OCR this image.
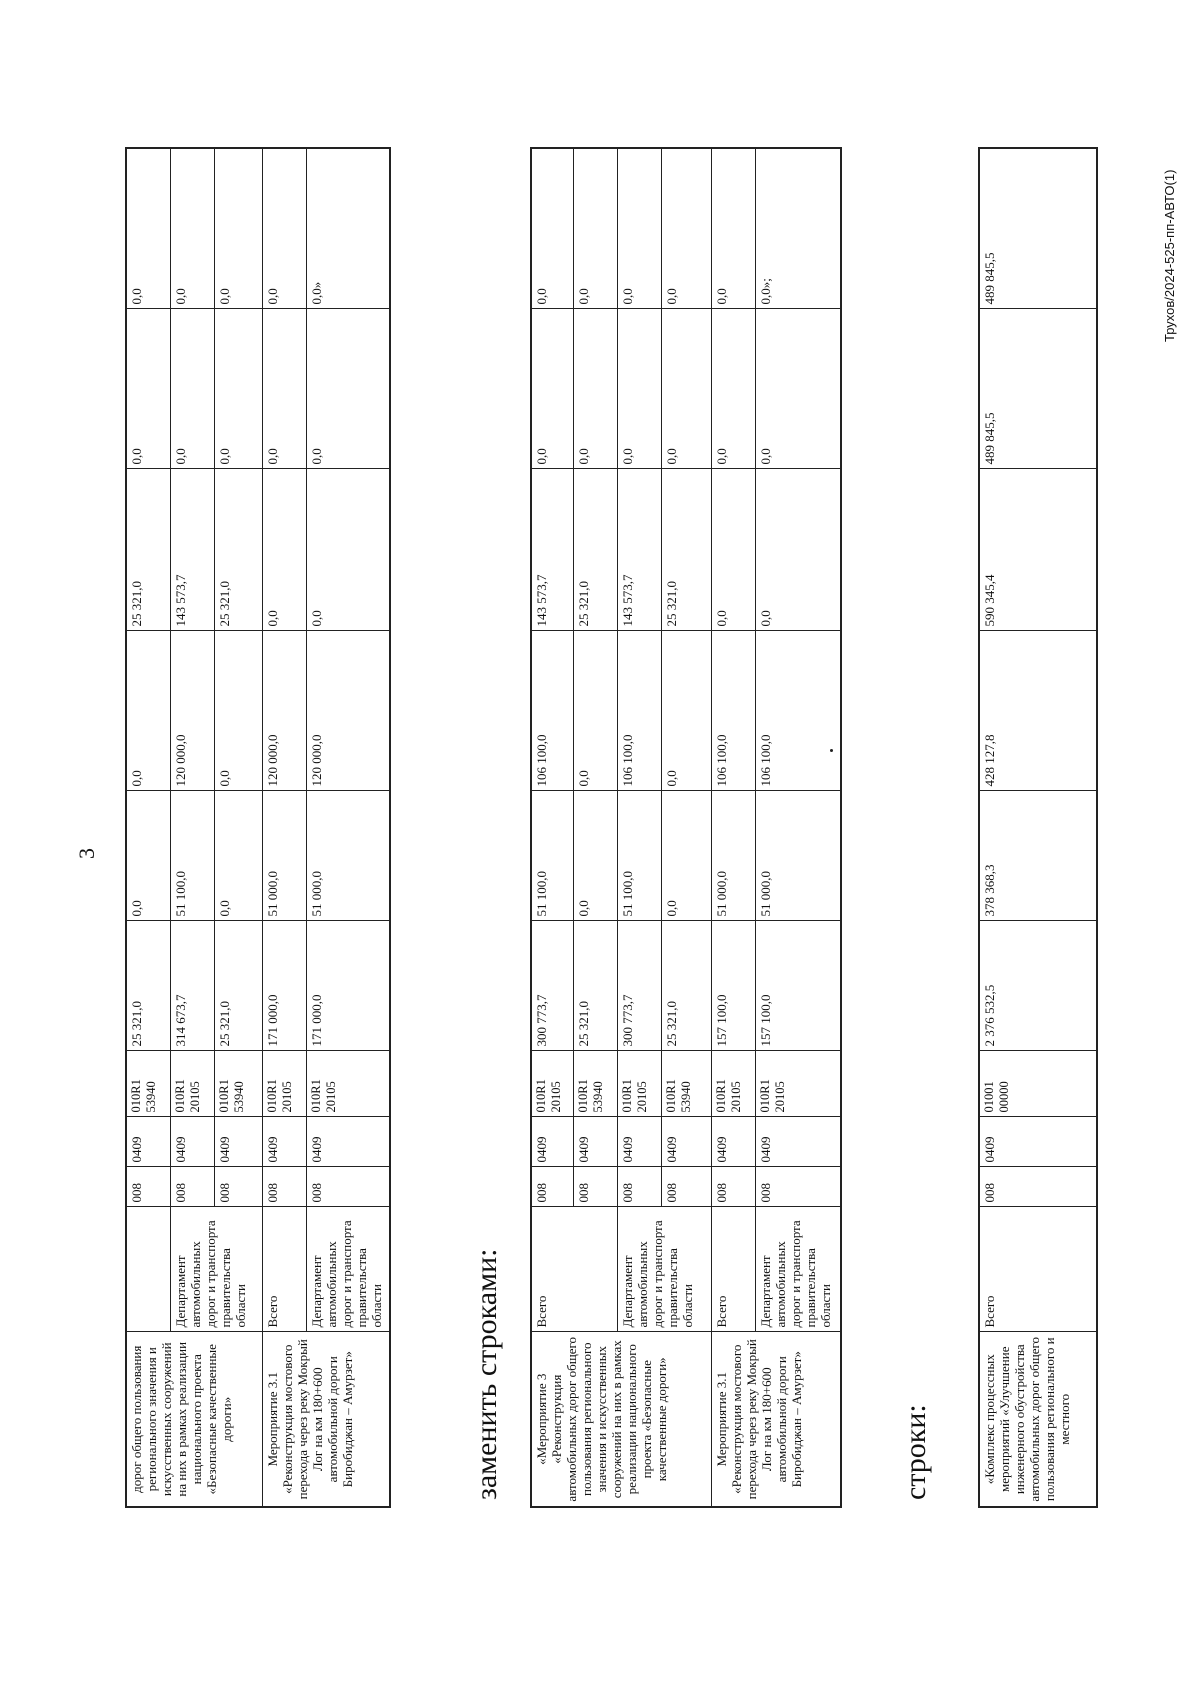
3
дорог общего пользования регионального значения и искусственных сооружений на них в рамках реализации национального проекта «Безопасные качественные дороги»		008	0409	010R1 53940	25 321,0	0,0	0,0	25 321,0	0,0	0,0
	Департамент автомобильных дорог и транспорта правительства области	008	0409	010R1 20105	314 673,7	51 100,0	120 000,0	143 573,7	0,0	0,0
		008	0409	010R1 53940	25 321,0	0,0	0,0	25 321,0	0,0	0,0
Мероприятие 3.1 «Реконструкция мостового перехода через реку Мокрый Лог на км 180+600 автомобильной дороги Биробиджан – Амурзет»	Всего	008	0409	010R1 20105	171 000,0	51 000,0	120 000,0	0,0	0,0	0,0
	Департамент автомобильных дорог и транспорта правительства области	008	0409	010R1 20105	171 000,0	51 000,0	120 000,0	0,0	0,0	0,0»
заменить строками: «Мероприятие 3 «Реконструкция автомобильных дорог общего пользования регионального значения и искусственных сооружений на них в рамках реализации национального проекта «Безопасные качественные дороги»	Всего	008	0409	010R1 20105	300 773,7	51 100,0	106 100,0	143 573,7	0,0	0,0
		008	0409	010R1 53940	25 321,0	0,0	0,0	25 321,0	0,0	0,0
	Департамент автомобильных дорог и транспорта правительства области	008	0409	010R1 20105	300 773,7	51 100,0	106 100,0	143 573,7	0,0	0,0
		008	0409	010R1 53940	25 321,0	0,0	0,0	25 321,0	0,0	0,0
Мероприятие 3.1 «Реконструкция мостового перехода через реку Мокрый Лог на км 180+600 автомобильной дороги Биробиджан – Амурзет»	Всего	008	0409	010R1 20105	157 100,0	51 000,0	106 100,0	0,0	0,0	0,0
	Департамент автомобильных дорог и транспорта правительства области	008	0409	010R1 20105	157 100,0	51 000,0	106 100,0	0,0	0,0	0,0»;
строки:	«Комплекс процессных мероприятий «Улучшение инженерного обустройства автомобильных дорог общего пользования регионального и местного	Всего	008	0409	01001 00000	2 376 532,5	378 368,3	428 127,8	590 345,4	489 845,5	489 845,5	Трухов/2024-525-пп-АВТО(1)
